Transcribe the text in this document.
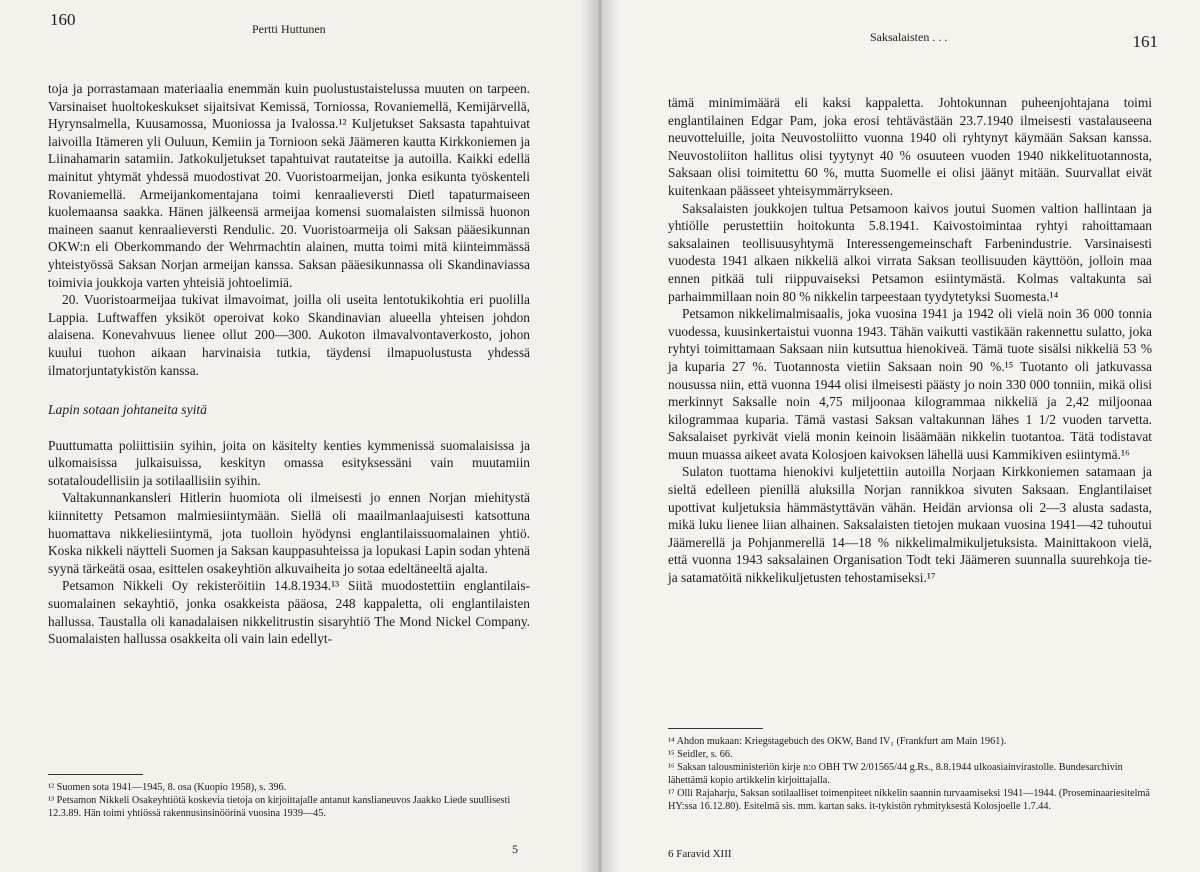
160	Pertti Huttunen

toja ja porrastamaan materiaalia enemmän kuin puolustustaistelussa muuten on tarpeen. Varsinaiset huoltokeskukset sijaitsivat Kemissä, Torniossa, Rovaniemellä, Kemijärvellä, Hyrynsalmella, Kuusamossa, Muoniossa ja Ivalossa.¹² Kuljetukset Saksasta tapahtuivat laivoilla Itämeren yli Ouluun, Kemiin ja Tornioon sekä Jäämeren kautta Kirkkoniemen ja Liinahamarin satamiin. Jatkokuljetukset tapahtuivat rautateitse ja autoilla. Kaikki edellä mainitut yhtymät yhdessä muodostivat 20. Vuoristoarmeijan, jonka esikunta työskenteli Rovaniemellä. Armeijankomentajana toimi kenraalieversti Dietl tapaturmaiseen kuolemaansa saakka. Hänen jälkeensä armeijaa komensi suomalaisten silmissä huonon maineen saanut kenraalieversti Rendulic. 20. Vuoristoarmeija oli Saksan pääesikunnan OKW:n eli Oberkommando der Wehrmachtin alainen, mutta toimi mitä kiinteimmässä yhteistyössä Saksan Norjan armeijan kanssa. Saksan pääesikunnassa oli Skandinaviassa toimivia joukkoja varten yhteisiä johtoelimiä.

20. Vuoristoarmeijaa tukivat ilmavoimat, joilla oli useita lentotukikohtia eri puolilla Lappia. Luftwaffen yksiköt operoivat koko Skandinavian alueella yhteisen johdon alaisena. Konevahvuus lienee ollut 200—300. Aukoton ilmavalvontaverkosto, johon kuului tuohon aikaan harvinaisia tutkia, täydensi ilmapuolustusta yhdessä ilmatorjuntatykistön kanssa.

Lapin sotaan johtaneita syitä

Puuttumatta poliittisiin syihin, joita on käsitelty kenties kymmenissä suomalaisissa ja ulkomaisissa julkaisuissa, keskityn omassa esityksessäni vain muutamiin sotataloudellisiin ja sotilaallisiin syihin.

Valtakunnankansleri Hitlerin huomiota oli ilmeisesti jo ennen Norjan miehitystä kiinnitetty Petsamon malmiesiintymään. Siellä oli maailmanlaajuisesti katsottuna huomattava nikkeliesiintymä, jota tuolloin hyödynsi englantilaissuomalainen yhtiö. Koska nikkeli näytteli Suomen ja Saksan kauppasuhteissa ja lopukasi Lapin sodan yhtenä syynä tärkeätä osaa, esittelen osakeyhtiön alkuvaiheita jo sotaa edeltäneeltä ajalta.

Petsamon Nikkeli Oy rekisteröitiin 14.8.1934.¹³ Siitä muodostettiin englantilais-suomalainen sekayhtiö, jonka osakkeista pääosa, 248 kappaletta, oli englantilaisten hallussa. Taustalla oli kanadalaisen nikkelitrustin sisaryhtiö The Mond Nickel Company. Suomalaisten hallussa osakkeita oli vain lain edellyt-

¹² Suomen sota 1941—1945, 8. osa (Kuopio 1958), s. 396.

¹³ Petsamon Nikkeli Osakeyhtiötä koskevia tietoja on kirjoittajalle antanut kanslianeuvos Jaakko Liede suullisesti 12.3.89. Hän toimi yhtiössä rakennusinsinöörinä vuosina 1939—45.

5
Saksalaisten . . .	161

tämä minimimäärä eli kaksi kappaletta. Johtokunnan puheenjohtajana toimi englantilainen Edgar Pam, joka erosi tehtävästään 23.7.1940 ilmeisesti vastalauseena neuvotteluille, joita Neuvostoliitto vuonna 1940 oli ryhtynyt käymään Saksan kanssa. Neuvostoliiton hallitus olisi tyytynyt 40 % osuuteen vuoden 1940 nikkelituotannosta, Saksaan olisi toimitettu 60 %, mutta Suomelle ei olisi jäänyt mitään. Suurvallat eivät kuitenkaan päässeet yhteisymmärrykseen.

Saksalaisten joukkojen tultua Petsamoon kaivos joutui Suomen valtion hallintaan ja yhtiölle perustettiin hoitokunta 5.8.1941. Kaivostoimintaa ryhtyi rahoittamaan saksalainen teollisuusyhtymä Interessengemeinschaft Farbenindustrie. Varsinaisesti vuodesta 1941 alkaen nikkeliä alkoi virrata Saksan teollisuuden käyttöön, jolloin maa ennen pitkää tuli riippuvaiseksi Petsamon esiintymästä. Kolmas valtakunta sai parhaimmillaan noin 80 % nikkelin tarpeestaan tyydytetyksi Suomesta.¹⁴

Petsamon nikkelimalmisaalis, joka vuosina 1941 ja 1942 oli vielä noin 36 000 tonnia vuodessa, kuusinkertaistui vuonna 1943. Tähän vaikutti vastikään rakennettu sulatto, joka ryhtyi toimittamaan Saksaan niin kutsuttua hienokiveä. Tämä tuote sisälsi nikkeliä 53 % ja kuparia 27 %. Tuotannosta vietiin Saksaan noin 90 %.¹⁵ Tuotanto oli jatkuvassa nousussa niin, että vuonna 1944 olisi ilmeisesti päästy jo noin 330 000 tonniin, mikä olisi merkinnyt Saksalle noin 4,75 miljoonaa kilogrammaa nikkeliä ja 2,42 miljoonaa kilogrammaa kuparia. Tämä vastasi Saksan valtakunnan lähes 1 1/2 vuoden tarvetta. Saksalaiset pyrkivät vielä monin keinoin lisäämään nikkelin tuotantoa. Tätä todistavat muun muassa aikeet avata Kolosjoen kaivoksen lähellä uusi Kammikiven esiintymä.¹⁶

Sulaton tuottama hienokivi kuljetettiin autoilla Norjaan Kirkkoniemen satamaan ja sieltä edelleen pienillä aluksilla Norjan rannikkoa sivuten Saksaan. Englantilaiset upottivat kuljetuksia hämmästyttävän vähän. Heidän arvionsa oli 2—3 alusta sadasta, mikä luku lienee liian alhainen. Saksalaisten tietojen mukaan vuosina 1941—42 tuhoutui Jäämerellä ja Pohjanmerellä 14—18 % nikkelimalmikuljetuksista. Mainittakoon vielä, että vuonna 1943 saksalainen Organisation Todt teki Jäämeren suunnalla suurehkoja tie- ja satamatöitä nikkelikuljetusten tehostamiseksi.¹⁷

¹⁴ Ahdon mukaan: Kriegstagebuch des OKW, Band IV₁ (Frankfurt am Main 1961).

¹⁵ Seidler, s. 66.

¹⁶ Saksan talousministeriön kirje n:o OBH TW 2/01565/44 g.Rs., 8.8.1944 ulkoasiainvirastolle. Bundesarchivin lähettämä kopio artikkelin kirjoittajalla.

¹⁷ Olli Rajaharju, Saksan sotilaalliset toimenpiteet nikkelin saannin turvaamiseksi 1941—1944. (Proseminaariesitelmä HY:ssa 16.12.80). Esitelmä sis. mm. kartan saks. it-tykistön ryhmityksestä Kolosjoelle 1.7.44.

6 Faravid XIII
